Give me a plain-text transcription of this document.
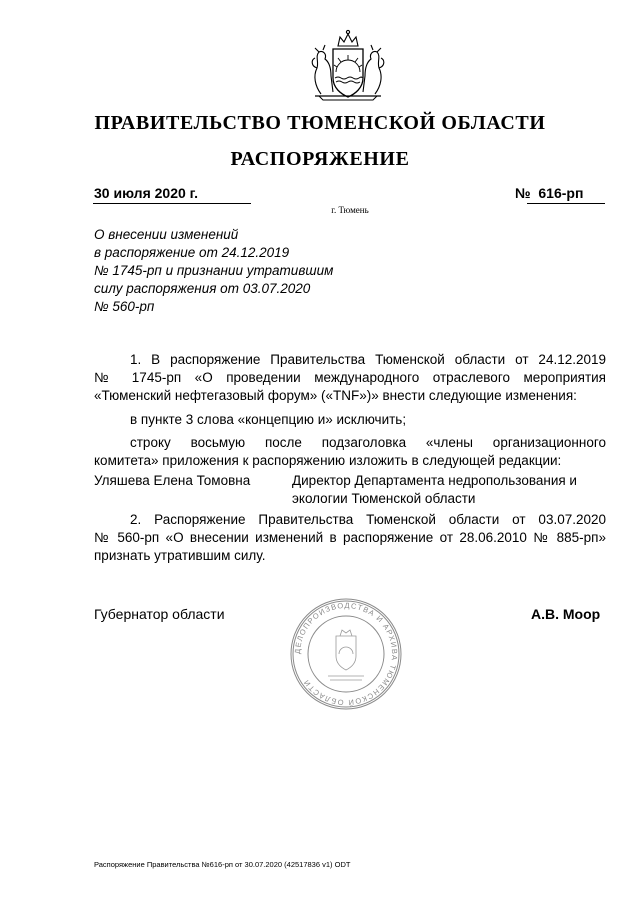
ПРАВИТЕЛЬСТВО ТЮМЕНСКОЙ ОБЛАСТИ
РАСПОРЯЖЕНИЕ
30 июля 2020 г.	№ 616-рп
г. Тюмень
О внесении изменений
в распоряжение от 24.12.2019
№ 1745-рп и признании утратившим
силу распоряжения от 03.07.2020
№ 560-рп
1. В распоряжение Правительства Тюменской области от 24.12.2019
№ 1745-рп «О проведении международного отраслевого мероприятия
«Тюменский нефтегазовый форум» («TNF»)» внести следующие изменения:
в пункте 3 слова «концепцию и» исключить;
строку восьмую после подзаголовка «члены организационного
комитета» приложения к распоряжению изложить в следующей редакции:
Уляшева Елена Томовна	Директор Департамента недропользования и
экологии Тюменской области
2. Распоряжение Правительства Тюменской области от 03.07.2020
№ 560-рп «О внесении изменений в распоряжение от 28.06.2010 № 885-рп»
признать утратившим силу.
ДЕЛОПРОИЗВОДСТВА И АРХИВА ТЮМЕНСКОЙ ОБЛАСТИ
Губернатор области	А.В. Моор
Распоряжение Правительства №616-рп от 30.07.2020 (42517836 v1) ODT
